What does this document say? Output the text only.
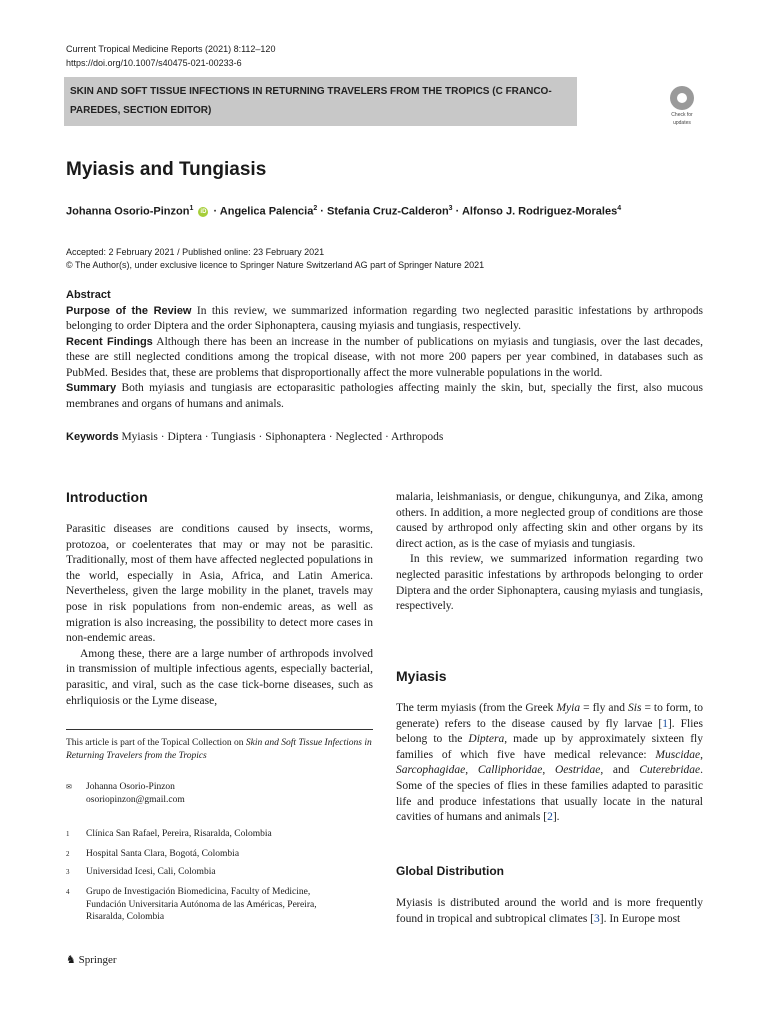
Current Tropical Medicine Reports (2021) 8:112–120
https://doi.org/10.1007/s40475-021-00233-6
SKIN AND SOFT TISSUE INFECTIONS IN RETURNING TRAVELERS FROM THE TROPICS (C FRANCO-PAREDES, SECTION EDITOR)	Check for
updates
Myiasis and Tungiasis
Johanna Osorio-Pinzon$^1$ iD · Angelica Palencia$^2$ · Stefania Cruz-Calderon$^3$ · Alfonso J. Rodriguez-Morales$^4$
Accepted: 2 February 2021 / Published online: 23 February 2021
© The Author(s), under exclusive licence to Springer Nature Switzerland AG part of Springer Nature 2021
Abstract

Purpose of the Review In this review, we summarized information regarding two neglected parasitic infestations by arthropods belonging to order Diptera and the order Siphonaptera, causing myiasis and tungiasis, respectively.

Recent Findings Although there has been an increase in the number of publications on myiasis and tungiasis, over the last decades, these are still neglected conditions among the tropical disease, with not more 200 papers per year combined, in databases such as PubMed. Besides that, these are problems that disproportionally affect the more vulnerable populations in the world.

Summary Both myiasis and tungiasis are ectoparasitic pathologies affecting mainly the skin, but, specially the first, also mucous membranes and organs of humans and animals.

Keywords Myiasis · Diptera · Tungiasis · Siphonaptera · Neglected · Arthropods
Introduction

Parasitic diseases are conditions caused by insects, worms, protozoa, or coelenterates that may or may not be parasitic. Traditionally, most of them have affected neglected populations in the world, especially in Asia, Africa, and Latin America. Nevertheless, given the large mobility in the planet, travels may pose in risk populations from non-endemic areas, as well as migration is also increasing, the possibility to detect more cases in non-endemic areas.

Among these, there are a large number of arthropods involved in transmission of multiple infectious agents, especially bacterial, parasitic, and viral, such as the case tick-borne diseases, such as ehrliquiosis or the Lyme disease,

This article is part of the Topical Collection on Skin and Soft Tissue Infections in Returning Travelers from the Tropics
✉ Johanna Osorio-Pinzon
osoriopinzon@gmail.com
1 Clínica San Rafael, Pereira, Risaralda, Colombia
2 Hospital Santa Clara, Bogotá, Colombia
3 Universidad Icesi, Cali, Colombia
4 Grupo de Investigación Biomedicina, Faculty of Medicine, Fundación Universitaria Autónoma de las Américas, Pereira, Risaralda, Colombia
♞ Springer

malaria, leishmaniasis, or dengue, chikungunya, and Zika, among others. In addition, a more neglected group of conditions are those caused by arthropod only affecting skin and other organs by its direct action, as is the case of myiasis and tungiasis.

In this review, we summarized information regarding two neglected parasitic infestations by arthropods belonging to order Diptera and the order Siphonaptera, causing myiasis and tungiasis, respectively.

Myiasis

The term myiasis (from the Greek Myia = fly and Sis = to form, to generate) refers to the disease caused by fly larvae [1]. Flies belong to the Diptera, made up by approximately sixteen fly families of which five have medical relevance: Muscidae, Sarcophagidae, Calliphoridae, Oestridae, and Cuterebridae. Some of the species of flies in these families adapted to parasitic life and produce infestations that usually locate in the natural cavities of humans and animals [2].

Global Distribution

Myiasis is distributed around the world and is more frequently found in tropical and subtropical climates [3]. In Europe most
